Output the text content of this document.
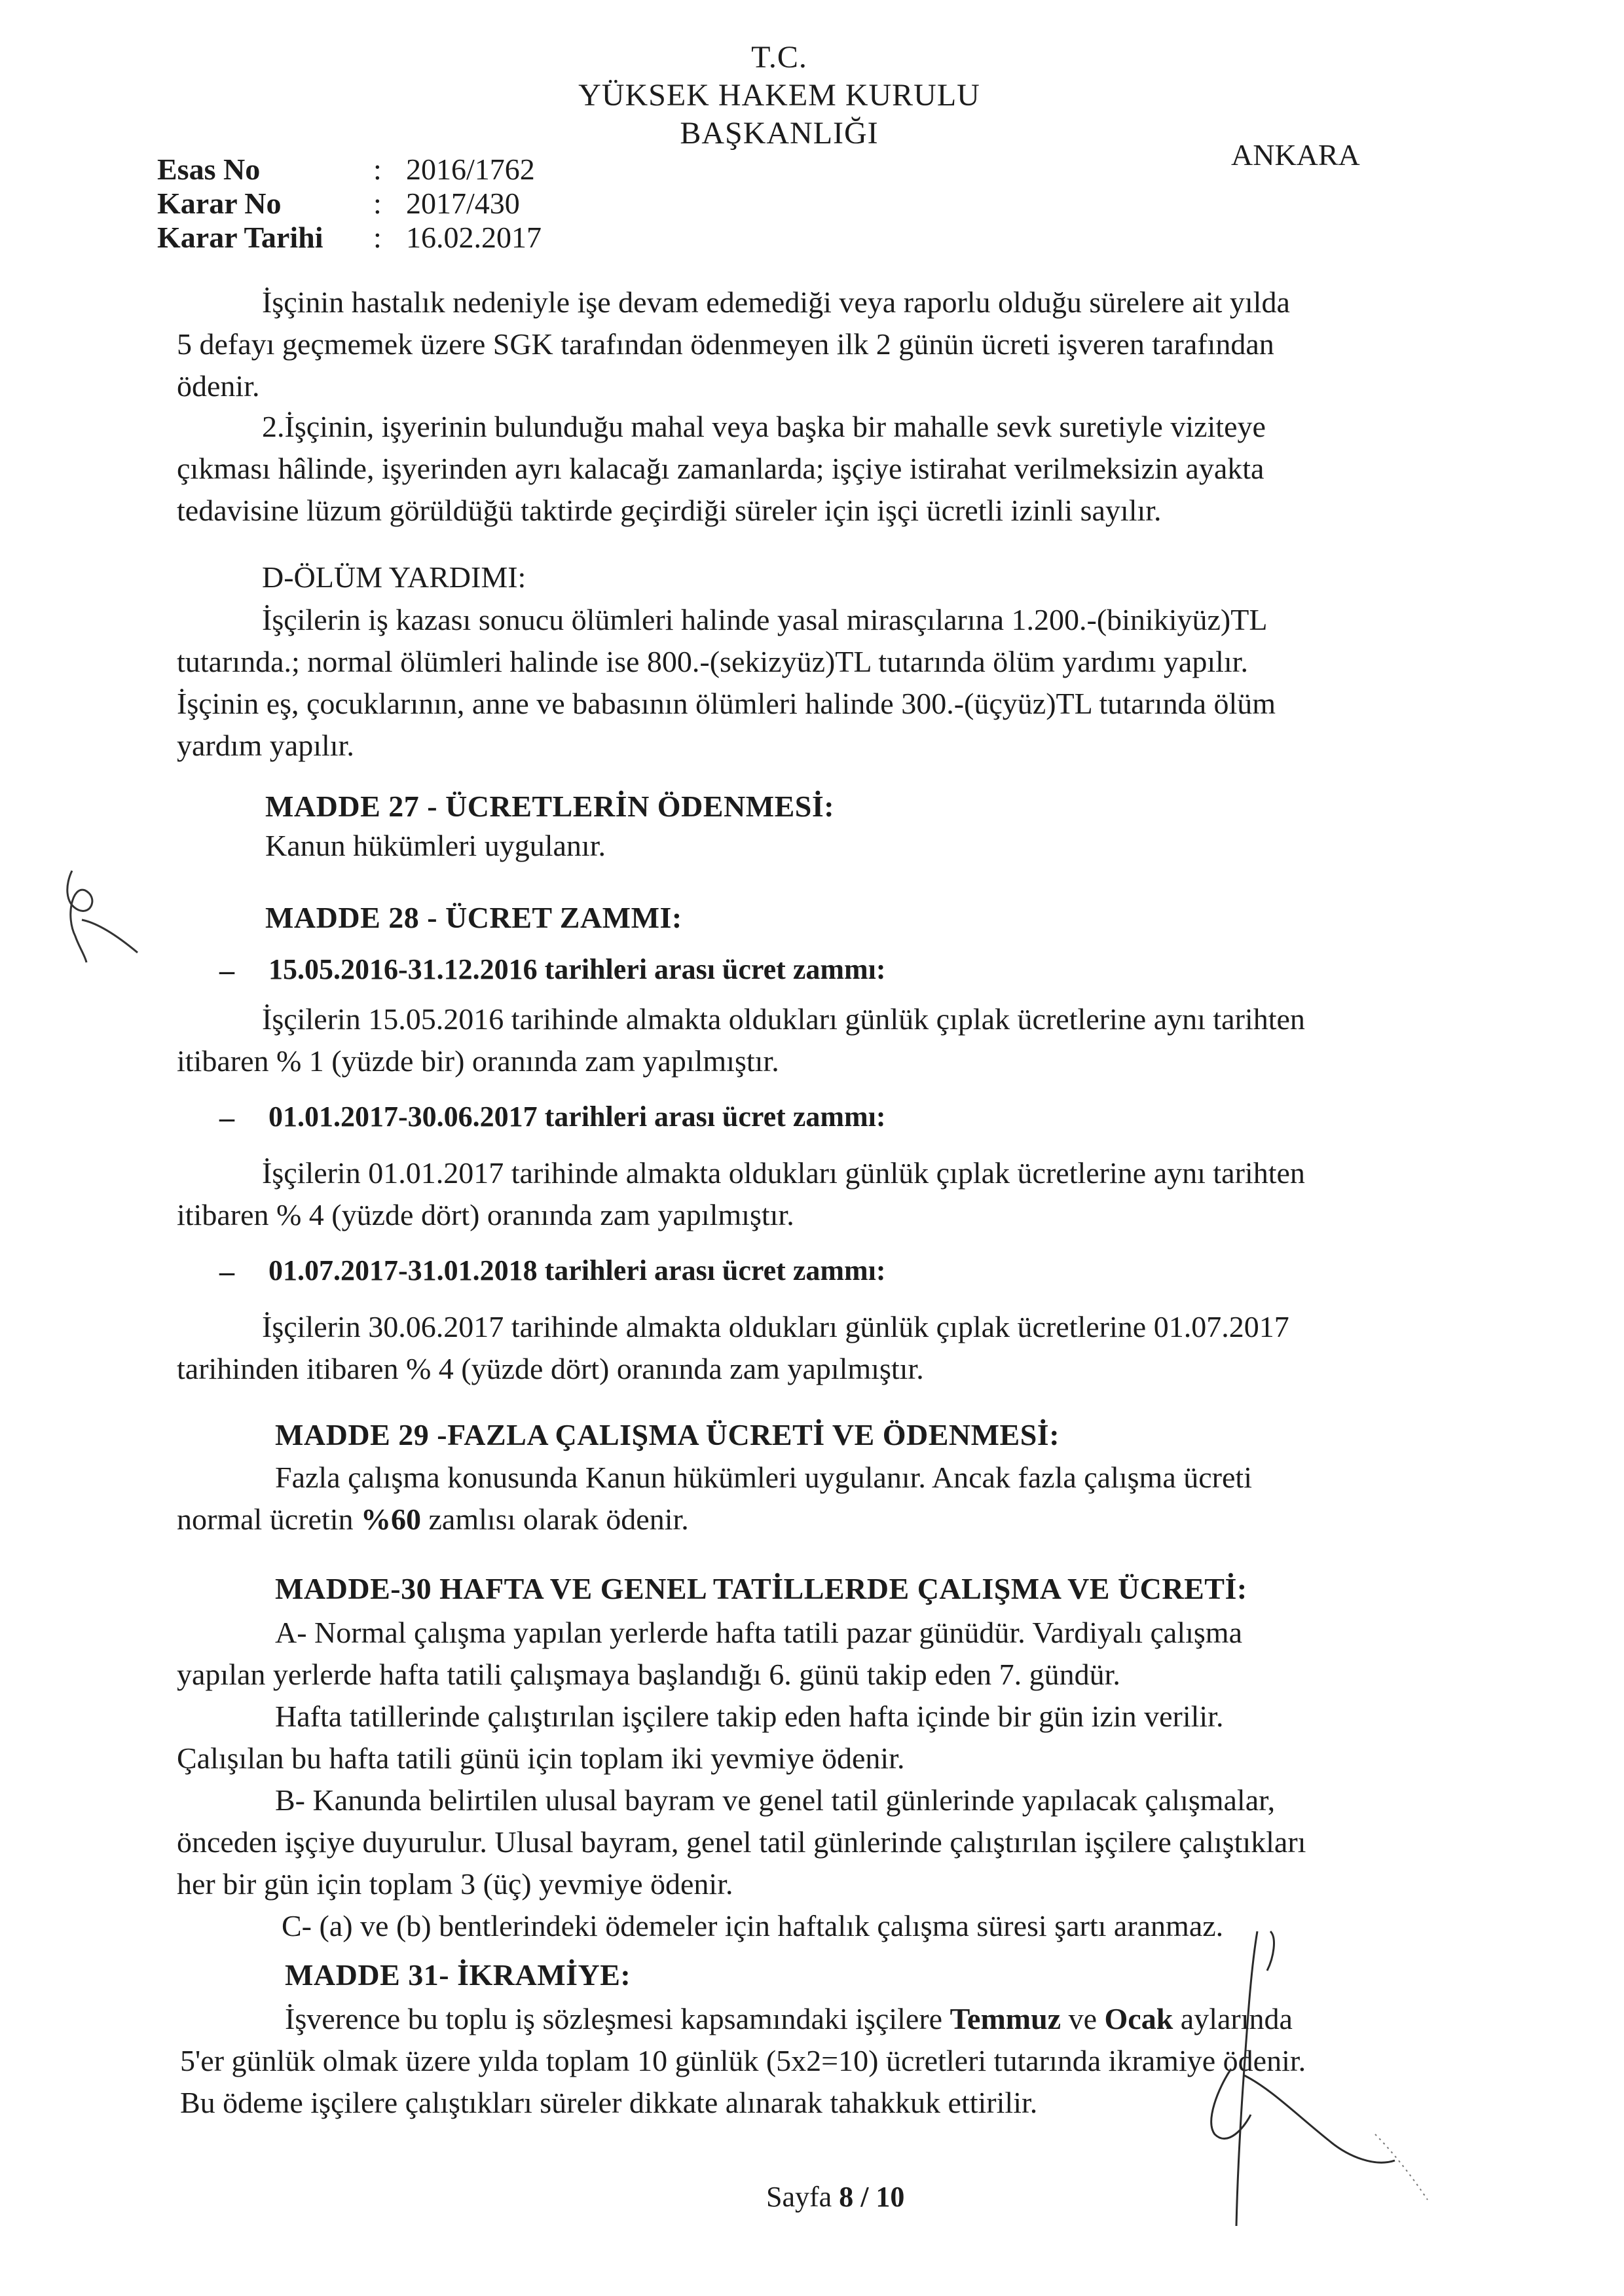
T.C.
YÜKSEK HAKEM KURULU
BAŞKANLIĞI
ANKARA
Esas No	: 2016/1762
Karar No	: 2017/430
Karar Tarihi	: 16.02.2017
İşçinin hastalık nedeniyle işe devam edemediği veya raporlu olduğu sürelere ait yılda
5 defayı geçmemek üzere SGK tarafından ödenmeyen ilk 2 günün ücreti işveren tarafından
ödenir.
2.İşçinin, işyerinin bulunduğu mahal veya başka bir mahalle sevk suretiyle viziteye
çıkması hâlinde, işyerinden ayrı kalacağı zamanlarda; işçiye istirahat verilmeksizin ayakta
tedavisine lüzum görüldüğü taktirde geçirdiği süreler için işçi ücretli izinli sayılır.
D-ÖLÜM YARDIMI:
İşçilerin iş kazası sonucu ölümleri halinde yasal mirasçılarına 1.200.-(binikiyüz)TL
tutarında.; normal ölümleri halinde ise 800.-(sekizyüz)TL tutarında ölüm yardımı yapılır.
İşçinin eş, çocuklarının, anne ve babasının ölümleri halinde 300.-(üçyüz)TL tutarında ölüm
yardım yapılır.
MADDE 27 - ÜCRETLERİN ÖDENMESİ:
Kanun hükümleri uygulanır.
MADDE 28 - ÜCRET ZAMMI:
– 15.05.2016-31.12.2016 tarihleri arası ücret zammı:
İşçilerin 15.05.2016 tarihinde almakta oldukları günlük çıplak ücretlerine aynı tarihten
itibaren % 1 (yüzde bir) oranında zam yapılmıştır.
– 01.01.2017-30.06.2017 tarihleri arası ücret zammı:
İşçilerin 01.01.2017 tarihinde almakta oldukları günlük çıplak ücretlerine aynı tarihten
itibaren % 4 (yüzde dört) oranında zam yapılmıştır.
– 01.07.2017-31.01.2018 tarihleri arası ücret zammı:
İşçilerin 30.06.2017 tarihinde almakta oldukları günlük çıplak ücretlerine 01.07.2017
tarihinden itibaren % 4 (yüzde dört) oranında zam yapılmıştır.
MADDE 29 -FAZLA ÇALIŞMA ÜCRETİ VE ÖDENMESİ:
Fazla çalışma konusunda Kanun hükümleri uygulanır. Ancak fazla çalışma ücreti
normal ücretin %60 zamlısı olarak ödenir.
MADDE-30 HAFTA VE GENEL TATİLLERDE ÇALIŞMA VE ÜCRETİ:
A- Normal çalışma yapılan yerlerde hafta tatili pazar günüdür. Vardiyalı çalışma
yapılan yerlerde hafta tatili çalışmaya başlandığı 6. günü takip eden 7. gündür.
Hafta tatillerinde çalıştırılan işçilere takip eden hafta içinde bir gün izin verilir.
Çalışılan bu hafta tatili günü için toplam iki yevmiye ödenir.
B- Kanunda belirtilen ulusal bayram ve genel tatil günlerinde yapılacak çalışmalar,
önceden işçiye duyurulur. Ulusal bayram, genel tatil günlerinde çalıştırılan işçilere çalıştıkları
her bir gün için toplam 3 (üç) yevmiye ödenir.
C- (a) ve (b) bentlerindeki ödemeler için haftalık çalışma süresi şartı aranmaz.
MADDE 31- İKRAMİYE:
İşverence bu toplu iş sözleşmesi kapsamındaki işçilere Temmuz ve Ocak aylarında
5'er günlük olmak üzere yılda toplam 10 günlük (5x2=10) ücretleri tutarında ikramiye ödenir.
Bu ödeme işçilere çalıştıkları süreler dikkate alınarak tahakkuk ettirilir.
Sayfa 8 / 10
